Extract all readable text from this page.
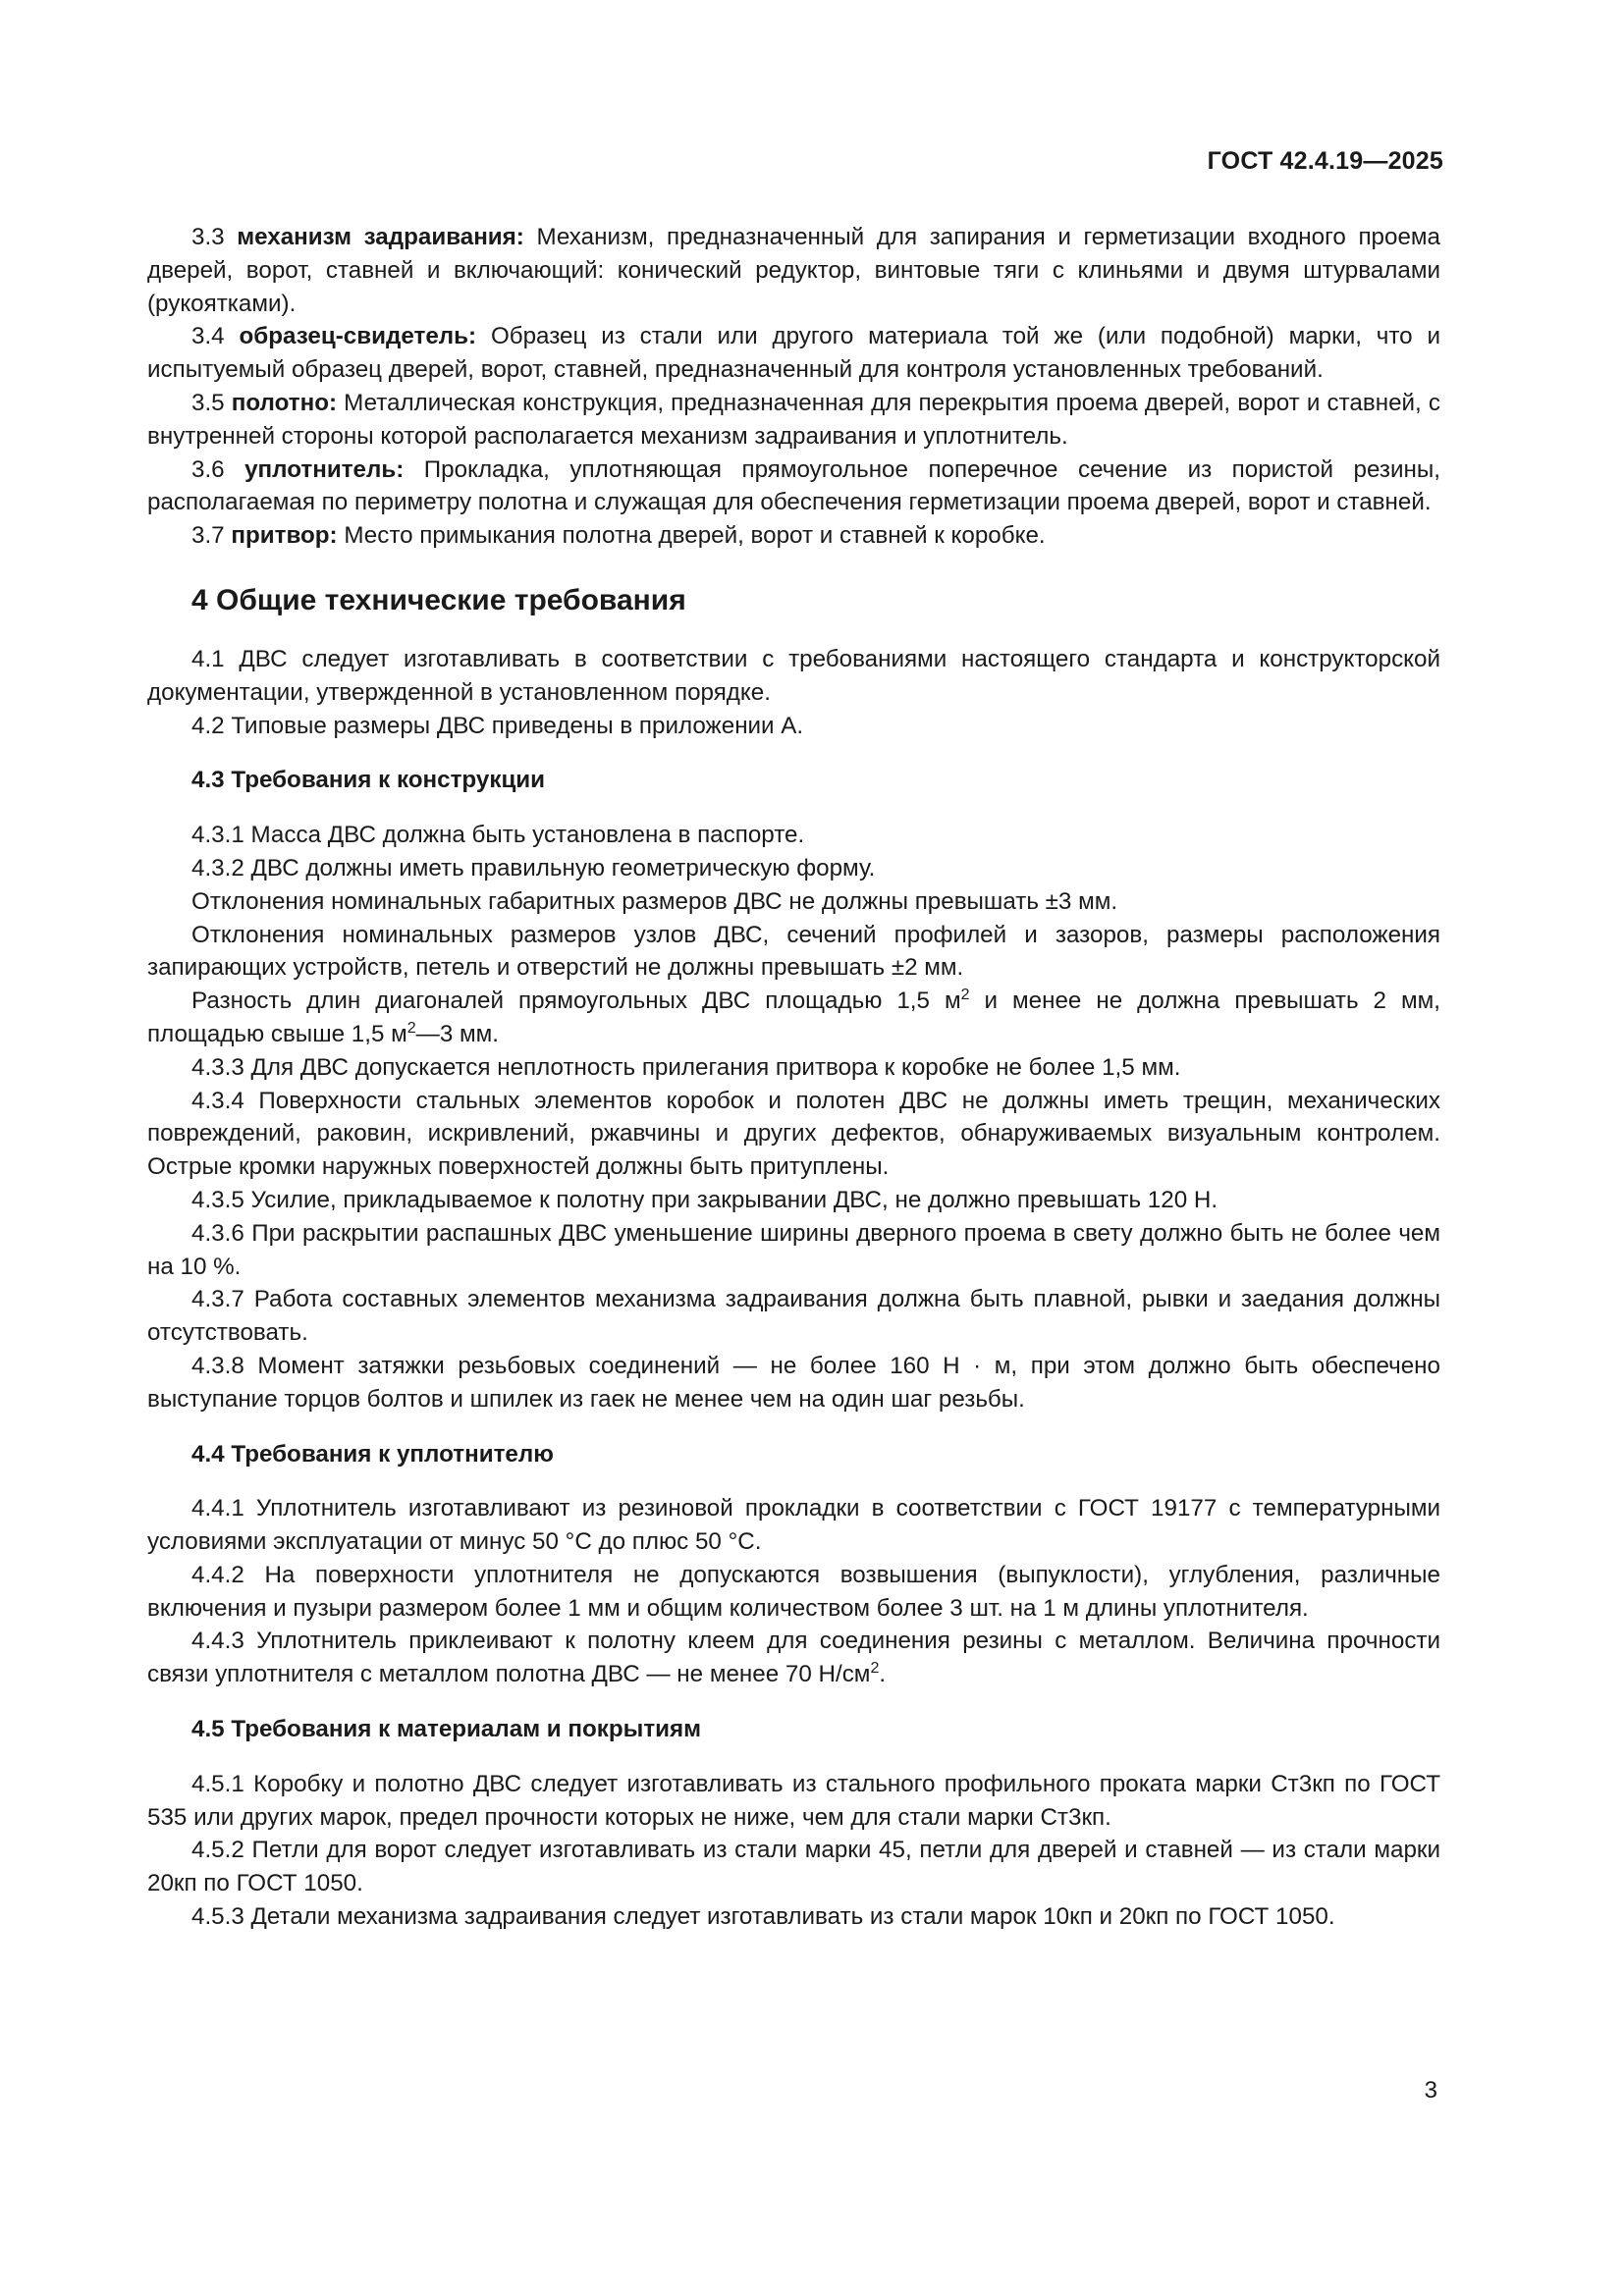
ГОСТ 42.4.19—2025

3.3 механизм задраивания: Механизм, предназначенный для запирания и герметизации входного проема дверей, ворот, ставней и включающий: конический редуктор, винтовые тяги с клиньями и двумя штурвалами (рукоятками).

3.4 образец-свидетель: Образец из стали или другого материала той же (или подобной) марки, что и испытуемый образец дверей, ворот, ставней, предназначенный для контроля установленных требований.

3.5 полотно: Металлическая конструкция, предназначенная для перекрытия проема дверей, ворот и ставней, с внутренней стороны которой располагается механизм задраивания и уплотнитель.

3.6 уплотнитель: Прокладка, уплотняющая прямоугольное поперечное сечение из пористой резины, располагаемая по периметру полотна и служащая для обеспечения герметизации проема дверей, ворот и ставней.

3.7 притвор: Место примыкания полотна дверей, ворот и ставней к коробке.

4 Общие технические требования

4.1 ДВС следует изготавливать в соответствии с требованиями настоящего стандарта и конструкторской документации, утвержденной в установленном порядке.

4.2 Типовые размеры ДВС приведены в приложении А.

4.3 Требования к конструкции

4.3.1 Масса ДВС должна быть установлена в паспорте.

4.3.2 ДВС должны иметь правильную геометрическую форму.

Отклонения номинальных габаритных размеров ДВС не должны превышать ±3 мм.

Отклонения номинальных размеров узлов ДВС, сечений профилей и зазоров, размеры расположения запирающих устройств, петель и отверстий не должны превышать ±2 мм.

Разность длин диагоналей прямоугольных ДВС площадью 1,5 $м^2$ и менее не должна превышать 2 мм, площадью свыше 1,5 $м^2—3$ мм.

4.3.3 Для ДВС допускается неплотность прилегания притвора к коробке не более 1,5 мм.

4.3.4 Поверхности стальных элементов коробок и полотен ДВС не должны иметь трещин, механических повреждений, раковин, искривлений, ржавчины и других дефектов, обнаруживаемых визуальным контролем. Острые кромки наружных поверхностей должны быть притуплены.

4.3.5 Усилие, прикладываемое к полотну при закрывании ДВС, не должно превышать 120 Н.

4.3.6 При раскрытии распашных ДВС уменьшение ширины дверного проема в свету должно быть не более чем на 10 %.

4.3.7 Работа составных элементов механизма задраивания должна быть плавной, рывки и заедания должны отсутствовать.

4.3.8 Момент затяжки резьбовых соединений — не более 160 Н · м, при этом должно быть обеспечено выступание торцов болтов и шпилек из гаек не менее чем на один шаг резьбы.

4.4 Требования к уплотнителю

4.4.1 Уплотнитель изготавливают из резиновой прокладки в соответствии с ГОСТ 19177 с температурными условиями эксплуатации от минус 50 °С до плюс 50 °С.

4.4.2 На поверхности уплотнителя не допускаются возвышения (выпуклости), углубления, различные включения и пузыри размером более 1 мм и общим количеством более 3 шт. на 1 м длины уплотнителя.

4.4.3 Уплотнитель приклеивают к полотну клеем для соединения резины с металлом. Величина прочности связи уплотнителя с металлом полотна ДВС — не менее 70 $Н/см^2$.

4.5 Требования к материалам и покрытиям

4.5.1 Коробку и полотно ДВС следует изготавливать из стального профильного проката марки Ст3кп по ГОСТ 535 или других марок, предел прочности которых не ниже, чем для стали марки Ст3кп.

4.5.2 Петли для ворот следует изготавливать из стали марки 45, петли для дверей и ставней — из стали марки 20кп по ГОСТ 1050.

4.5.3 Детали механизма задраивания следует изготавливать из стали марок 10кп и 20кп по ГОСТ 1050.

3
